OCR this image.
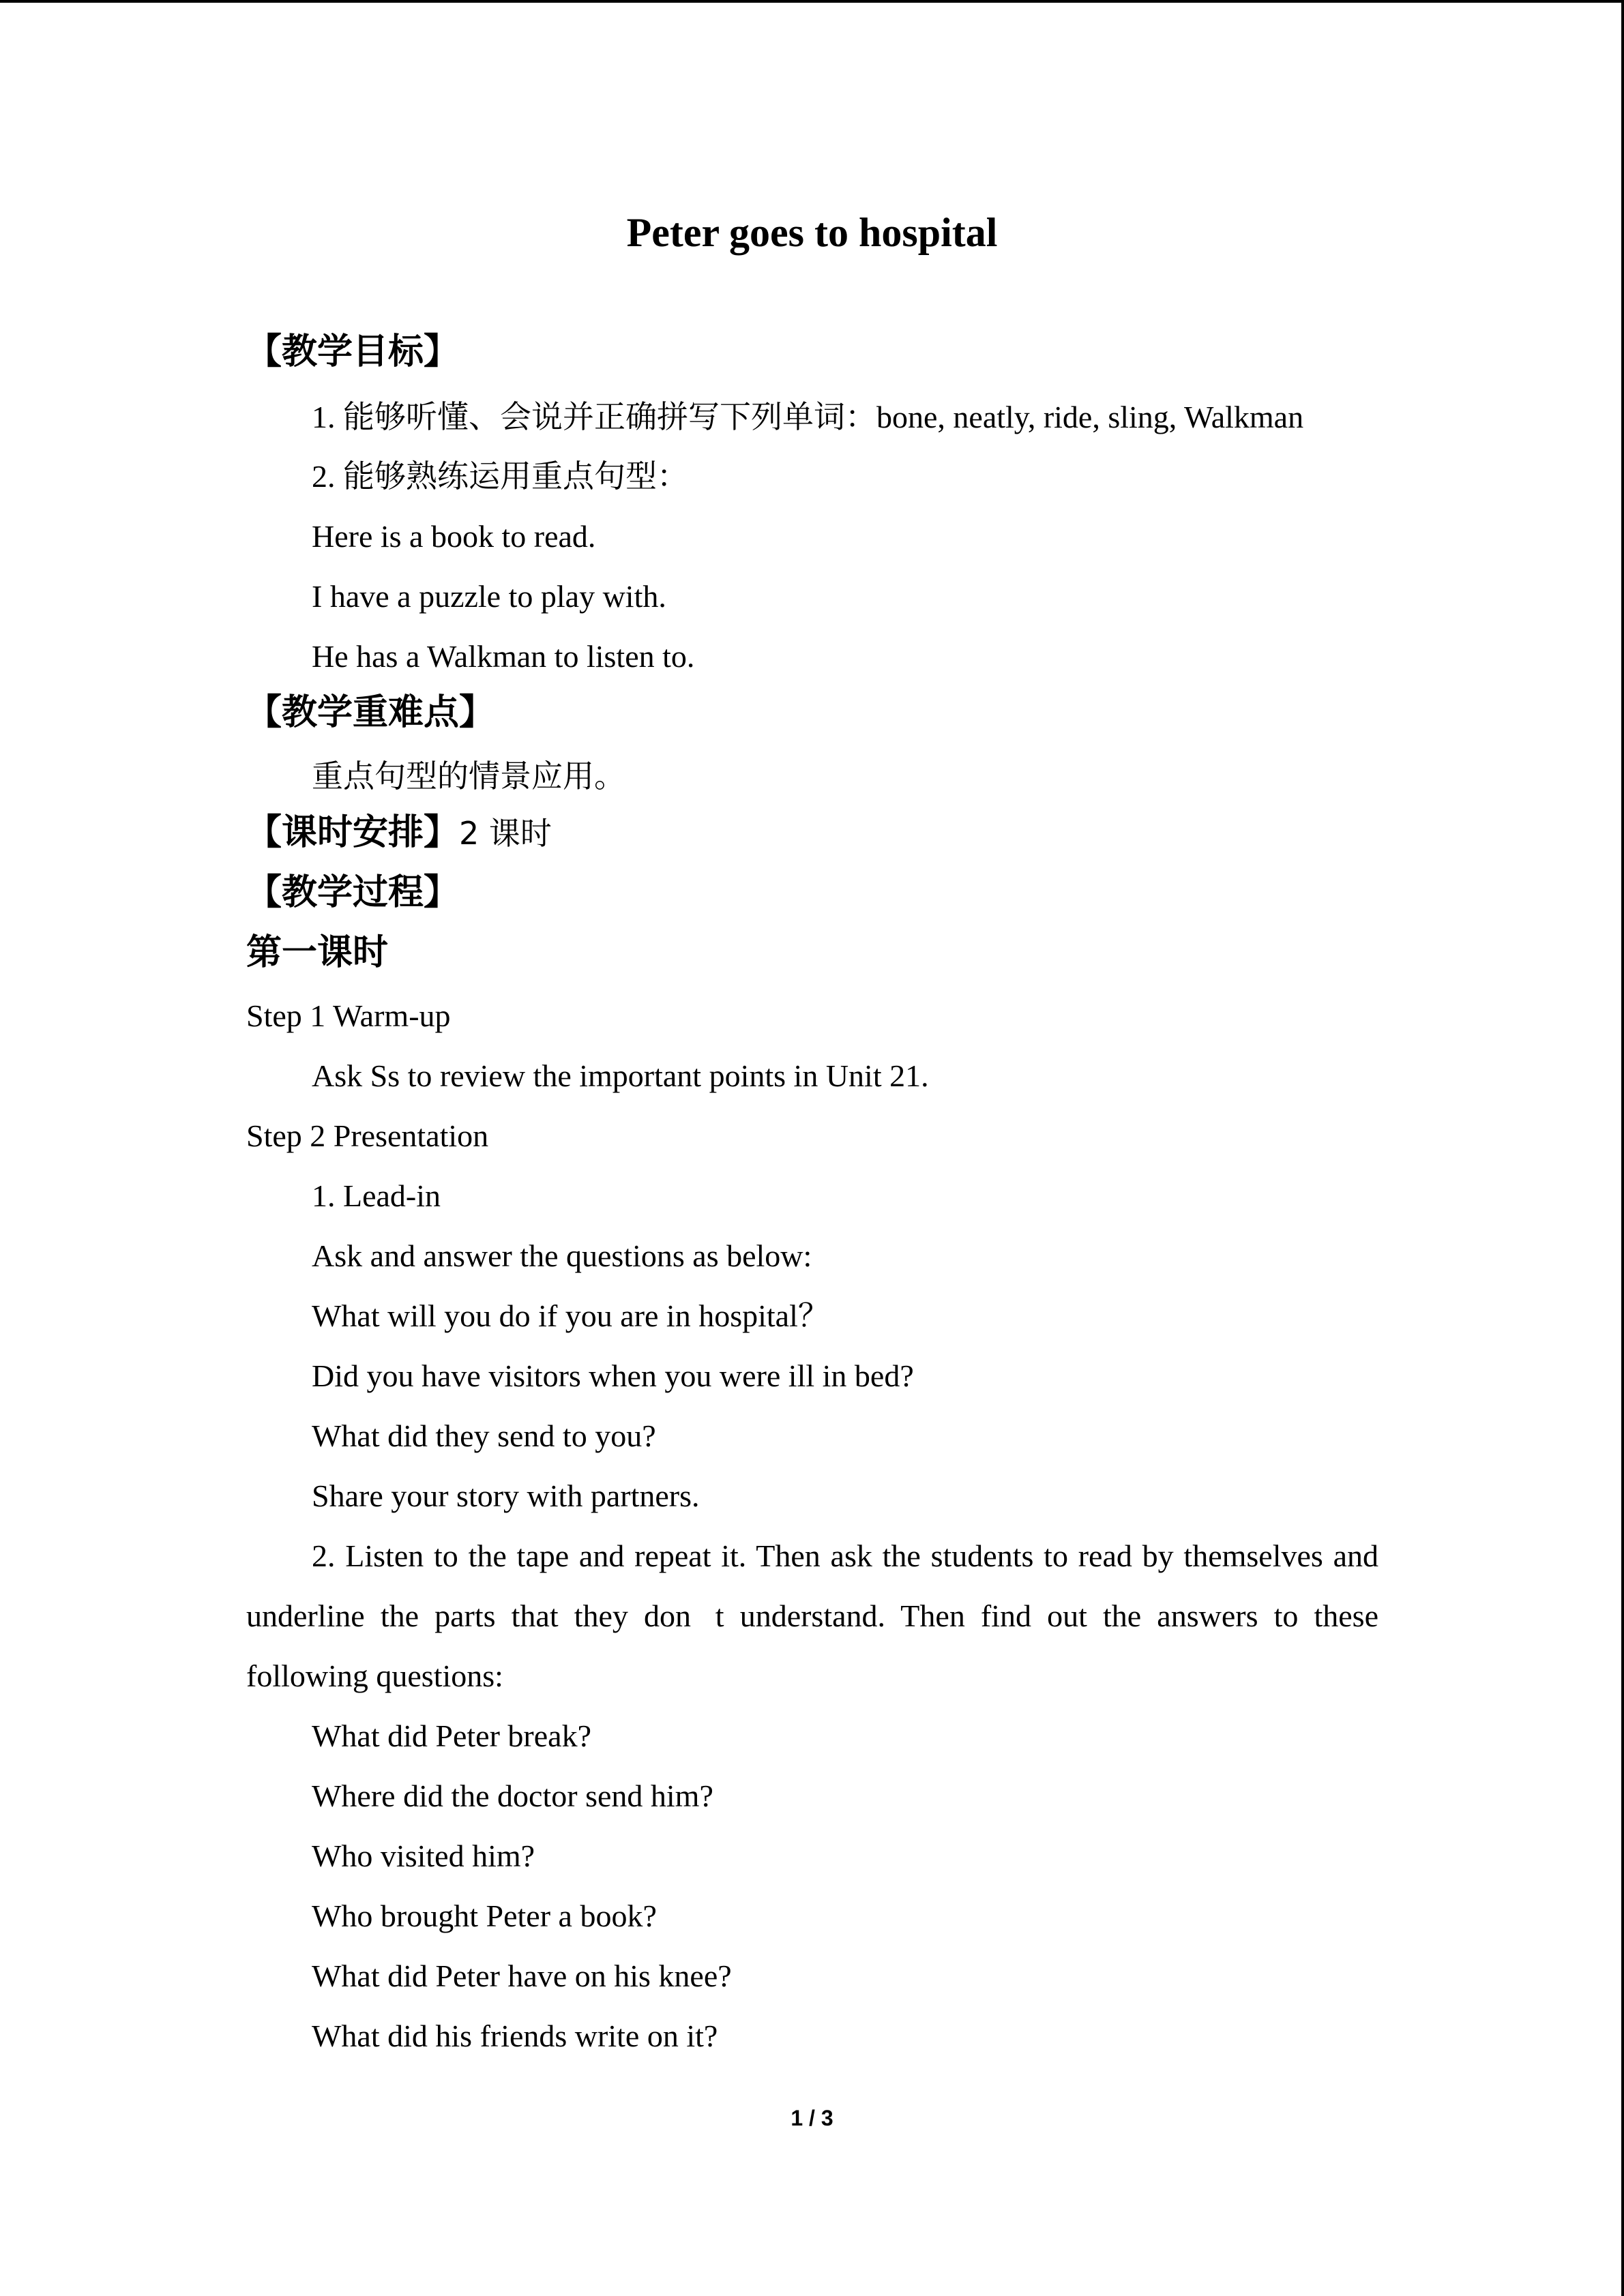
Peter goes to hospital
【教学目标】
1. 能够听懂、会说并正确拼写下列单词：bone, neatly, ride, sling, Walkman
2. 能够熟练运用重点句型：
Here is a book to read.
I have a puzzle to play with.
He has a Walkman to listen to.
【教学重难点】
重点句型的情景应用。
【课时安排】2 课时
【教学过程】
第一课时
Step 1 Warm-up
Ask Ss to review the important points in Unit 21.
Step 2 Presentation
1. Lead-in
Ask and answer the questions as below:
What will you do if you are in hospital？
Did you have visitors when you were ill in bed?
What did they send to you?
Share your story with partners.
2. Listen to the tape and repeat it. Then ask the students to read by themselves and
underline the parts that they don t understand. Then find out the answers to these
following questions:
What did Peter break?
Where did the doctor send him?
Who visited him?
Who brought Peter a book?
What did Peter have on his knee?
What did his friends write on it?
1 / 3
